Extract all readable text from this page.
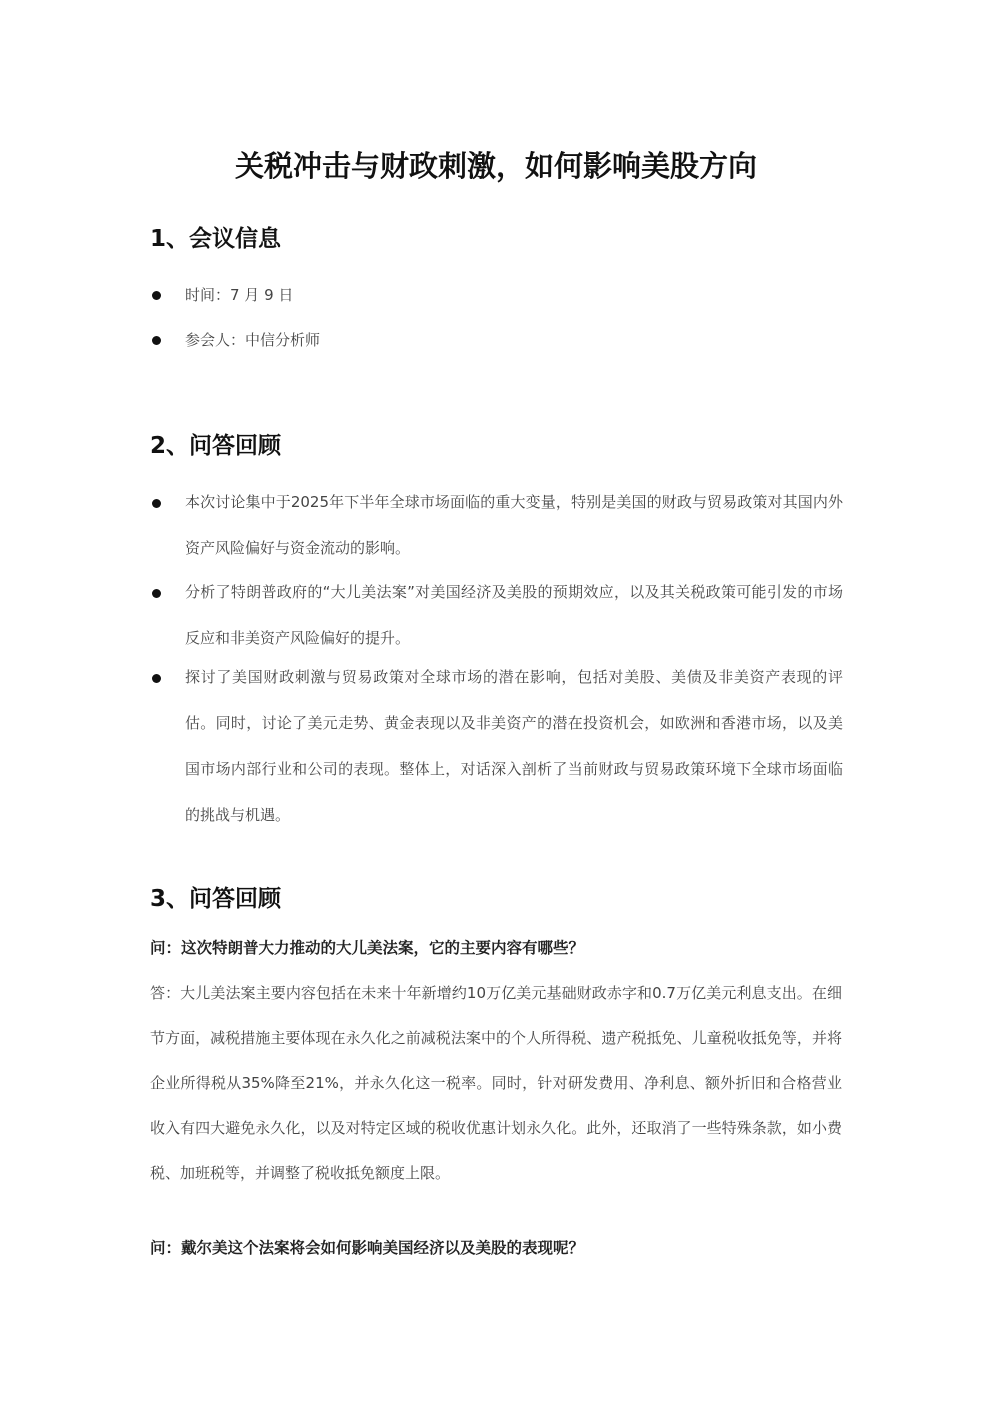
关税冲击与财政刺激，如何影响美股方向
1、会议信息
时间：7 月 9 日
参会人：中信分析师
2、问答回顾
本次讨论集中于2025年下半年全球市场面临的重大变量，特别是美国的财政与贸易政策对其国内外资产风险偏好与资金流动的影响。
分析了特朗普政府的“大儿美法案”对美国经济及美股的预期效应，以及其关税政策可能引发的市场反应和非美资产风险偏好的提升。
探讨了美国财政刺激与贸易政策对全球市场的潜在影响，包括对美股、美债及非美资产表现的评估。同时，讨论了美元走势、黄金表现以及非美资产的潜在投资机会，如欧洲和香港市场，以及美国市场内部行业和公司的表现。整体上，对话深入剖析了当前财政与贸易政策环境下全球市场面临的挑战与机遇。
3、问答回顾
问：这次特朗普大力推动的大儿美法案，它的主要内容有哪些？
答：大儿美法案主要内容包括在未来十年新增约10万亿美元基础财政赤字和0.7万亿美元利息支出。在细节方面，减税措施主要体现在永久化之前减税法案中的个人所得税、遗产税抵免、儿童税收抵免等，并将企业所得税从35%降至21%，并永久化这一税率。同时，针对研发费用、净利息、额外折旧和合格营业收入有四大避免永久化，以及对特定区域的税收优惠计划永久化。此外，还取消了一些特殊条款，如小费税、加班税等，并调整了税收抵免额度上限。
问：戴尔美这个法案将会如何影响美国经济以及美股的表现呢？
